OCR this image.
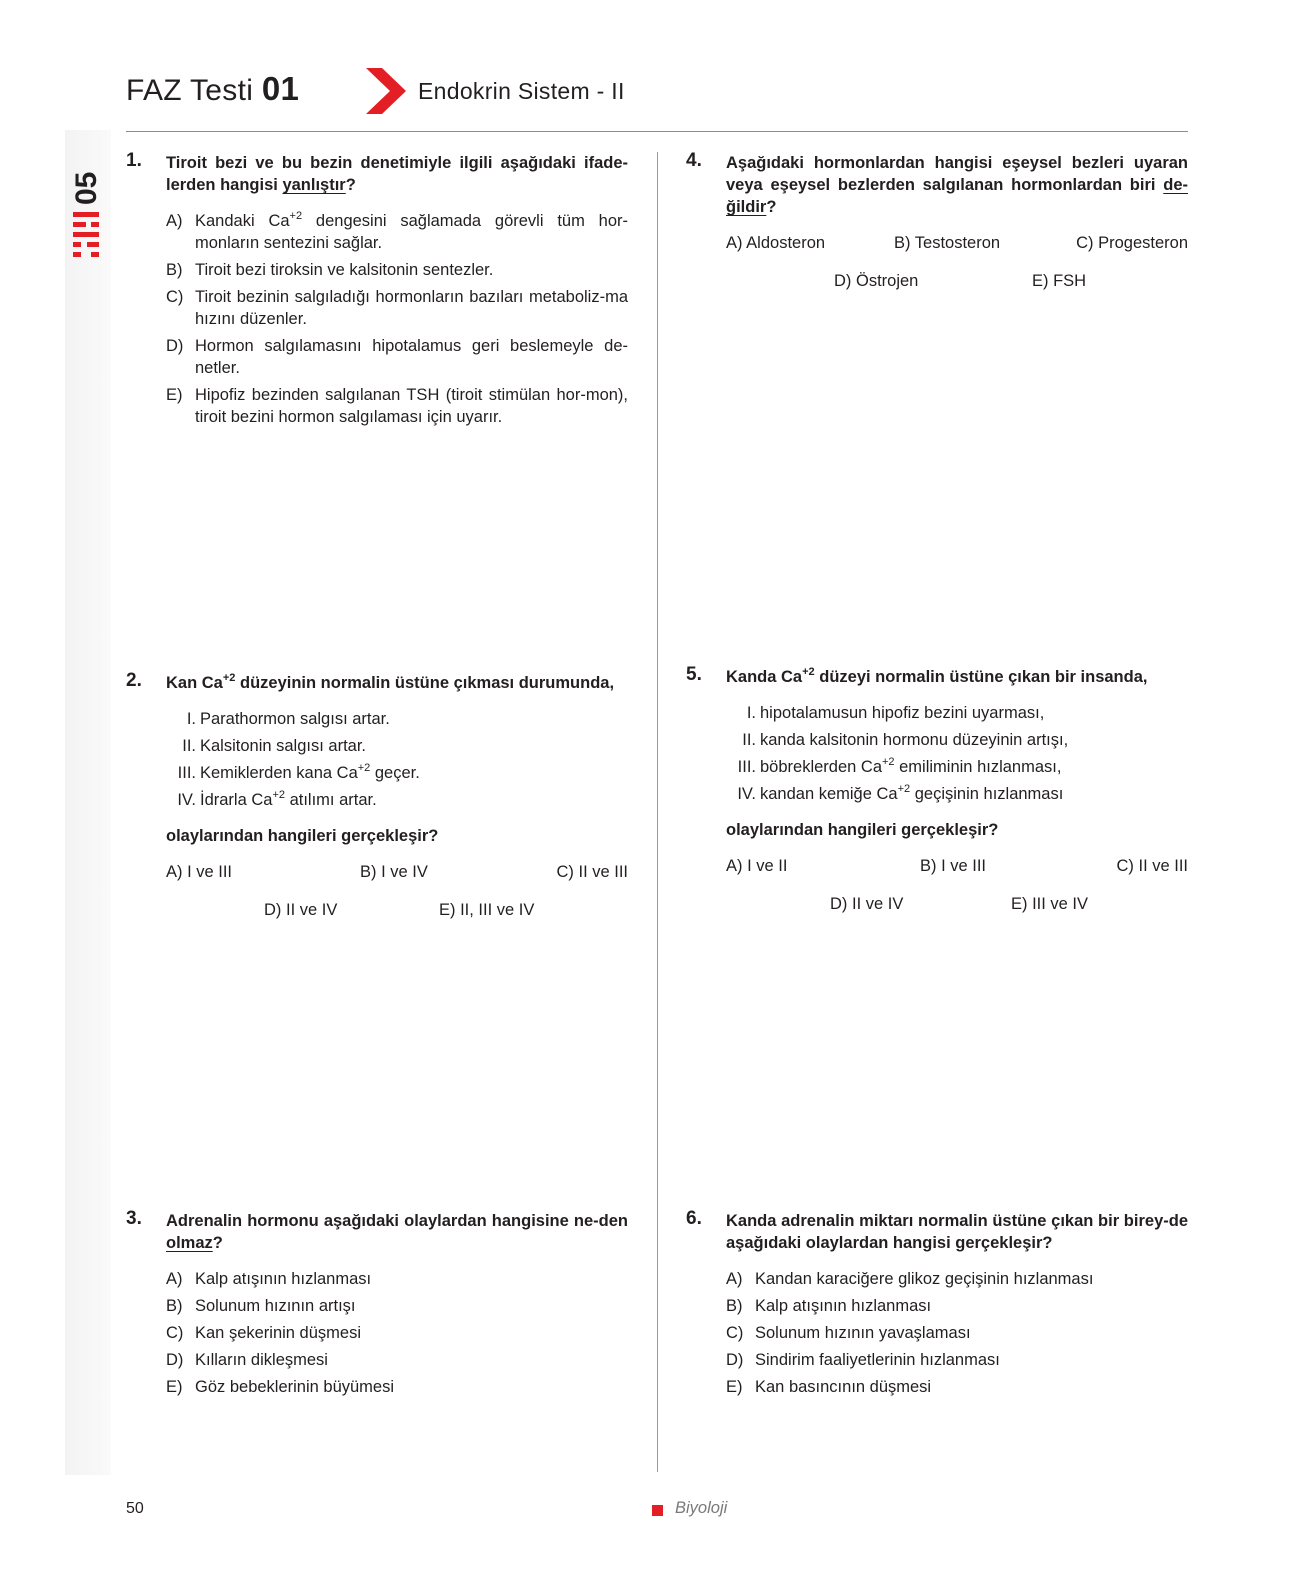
05
FAZ Testi 01	Endokrin Sistem - II
1. Tiroit bezi ve bu bezin denetimiyle ilgili aşağıdaki ifade-lerden hangisi yanlıştır?
A) Kandaki $Ca^{+2}$ dengesini sağlamada görevli tüm hor-monların sentezini sağlar.
B) Tiroit bezi tiroksin ve kalsitonin sentezler.
C) Tiroit bezinin salgıladığı hormonların bazıları metaboliz-ma hızını düzenler.
D) Hormon salgılamasını hipotalamus geri beslemeyle de-netler.
E) Hipofiz bezinden salgılanan TSH (tiroit stimülan hor-mon), tiroit bezini hormon salgılaması için uyarır.
2. Kan $Ca^{+2}$ düzeyinin normalin üstüne çıkması durumunda,
I. Parathormon salgısı artar.
II. Kalsitonin salgısı artar.
III. Kemiklerden kana $Ca^{+2}$ geçer.
IV. İdrarla $Ca^{+2}$ atılımı artar.
olaylarından hangileri gerçekleşir?
A) I ve III	B) I ve IV	C) II ve III
D) II ve IV	E) II, III ve IV
3. Adrenalin hormonu aşağıdaki olaylardan hangisine ne-den olmaz?
A) Kalp atışının hızlanması
B) Solunum hızının artışı
C) Kan şekerinin düşmesi
D) Kılların dikleşmesi
E) Göz bebeklerinin büyümesi
4. Aşağıdaki hormonlardan hangisi eşeysel bezleri uyaran veya eşeysel bezlerden salgılanan hormonlardan biri de-ğildir?
A) Aldosteron	B) Testosteron	C) Progesteron
D) Östrojen	E) FSH
5. Kanda $Ca^{+2}$ düzeyi normalin üstüne çıkan bir insanda,
I. hipotalamusun hipofiz bezini uyarması,
II. kanda kalsitonin hormonu düzeyinin artışı,
III. böbreklerden $Ca^{+2}$ emiliminin hızlanması,
IV. kandan kemiğe $Ca^{+2}$ geçişinin hızlanması
olaylarından hangileri gerçekleşir?
A) I ve II	B) I ve III	C) II ve III
D) II ve IV	E) III ve IV
6. Kanda adrenalin miktarı normalin üstüne çıkan bir birey-de aşağıdaki olaylardan hangisi gerçekleşir?
A) Kandan karaciğere glikoz geçişinin hızlanması
B) Kalp atışının hızlanması
C) Solunum hızının yavaşlaması
D) Sindirim faaliyetlerinin hızlanması
E) Kan basıncının düşmesi
50	Biyoloji
